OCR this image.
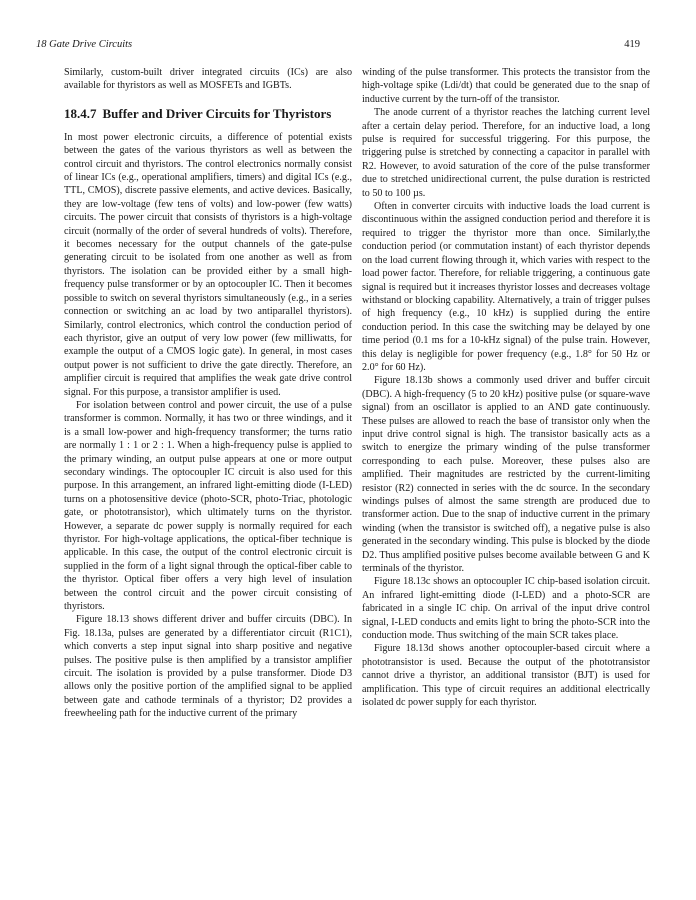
18 Gate Drive Circuits	419

Similarly, custom-built driver integrated circuits (ICs) are also available for thyristors as well as MOSFETs and IGBTs.

18.4.7 Buffer and Driver Circuits for Thyristors

In most power electronic circuits, a difference of potential exists between the gates of the various thyristors as well as between the control circuit and thyristors. The control electronics normally consist of linear ICs (e.g., operational amplifiers, timers) and digital ICs (e.g., TTL, CMOS), discrete passive elements, and active devices. Basically, they are low-voltage (few tens of volts) and low-power (few watts) circuits. The power circuit that consists of thyristors is a high-voltage circuit (normally of the order of several hundreds of volts). Therefore, it becomes necessary for the output channels of the gate-pulse generating circuit to be isolated from one another as well as from thyristors. The isolation can be provided either by a small high-frequency pulse transformer or by an optocoupler IC. Then it becomes possible to switch on several thyristors simultaneously (e.g., in a series connection or switching an ac load by two antiparallel thyristors). Similarly, control electronics, which control the conduction period of each thyristor, give an output of very low power (few milliwatts, for example the output of a CMOS logic gate). In general, in most cases output power is not sufficient to drive the gate directly. Therefore, an amplifier circuit is required that amplifies the weak gate drive control signal. For this purpose, a transistor amplifier is used.

For isolation between control and power circuit, the use of a pulse transformer is common. Normally, it has two or three windings, and it is a small low-power and high-frequency transformer; the turns ratio are normally 1 : 1 or 2 : 1. When a high-frequency pulse is applied to the primary winding, an output pulse appears at one or more output secondary windings. The optocoupler IC circuit is also used for this purpose. In this arrangement, an infrared light-emitting diode (I-LED) turns on a photosensitive device (photo-SCR, photo-Triac, photologic gate, or phototransistor), which ultimately turns on the thyristor. However, a separate dc power supply is normally required for each thyristor. For high-voltage applications, the optical-fiber technique is applicable. In this case, the output of the control electronic circuit is supplied in the form of a light signal through the optical-fiber cable to the thyristor. Optical fiber offers a very high level of insulation between the control circuit and the power circuit consisting of thyristors.

Figure 18.13 shows different driver and buffer circuits (DBC). In Fig. 18.13a, pulses are generated by a differentiator circuit (R1C1), which converts a step input signal into sharp positive and negative pulses. The positive pulse is then amplified by a transistor amplifier circuit. The isolation is provided by a pulse transformer. Diode D3 allows only the positive portion of the amplified signal to be applied between gate and cathode terminals of a thyristor; D2 provides a freewheeling path for the inductive current of the primary

winding of the pulse transformer. This protects the transistor from the high-voltage spike (Ldi/dt) that could be generated due to the snap of inductive current by the turn-off of the transistor.

The anode current of a thyristor reaches the latching current level after a certain delay period. Therefore, for an inductive load, a long pulse is required for successful triggering. For this purpose, the triggering pulse is stretched by connecting a capacitor in parallel with R2. However, to avoid saturation of the core of the pulse transformer due to stretched unidirectional current, the pulse duration is restricted to 50 to 100 µs.

Often in converter circuits with inductive loads the load current is discontinuous within the assigned conduction period and therefore it is required to trigger the thyristor more than once. Similarly,the conduction period (or commutation instant) of each thyristor depends on the load current flowing through it, which varies with respect to the load power factor. Therefore, for reliable triggering, a continuous gate signal is required but it increases thyristor losses and decreases voltage withstand or blocking capability. Alternatively, a train of trigger pulses of high frequency (e.g., 10 kHz) is supplied during the entire conduction period. In this case the switching may be delayed by one time period (0.1 ms for a 10-kHz signal) of the pulse train. However, this delay is negligible for power frequency (e.g., 1.8° for 50 Hz or 2.0° for 60 Hz).

Figure 18.13b shows a commonly used driver and buffer circuit (DBC). A high-frequency (5 to 20 kHz) positive pulse (or square-wave signal) from an oscillator is applied to an AND gate continuously. These pulses are allowed to reach the base of transistor only when the input drive control signal is high. The transistor basically acts as a switch to energize the primary winding of the pulse transformer corresponding to each pulse. Moreover, these pulses also are amplified. Their magnitudes are restricted by the current-limiting resistor (R2) connected in series with the dc source. In the secondary windings pulses of almost the same strength are produced due to transformer action. Due to the snap of inductive current in the primary winding (when the transistor is switched off), a negative pulse is also generated in the secondary winding. This pulse is blocked by the diode D2. Thus amplified positive pulses become available between G and K terminals of the thyristor.

Figure 18.13c shows an optocoupler IC chip-based isolation circuit. An infrared light-emitting diode (I-LED) and a photo-SCR are fabricated in a single IC chip. On arrival of the input drive control signal, I-LED conducts and emits light to bring the photo-SCR into the conduction mode. Thus switching of the main SCR takes place.

Figure 18.13d shows another optocoupler-based circuit where a phototransistor is used. Because the output of the phototransistor cannot drive a thyristor, an additional transistor (BJT) is used for amplification. This type of circuit requires an additional electrically isolated dc power supply for each thyristor.
